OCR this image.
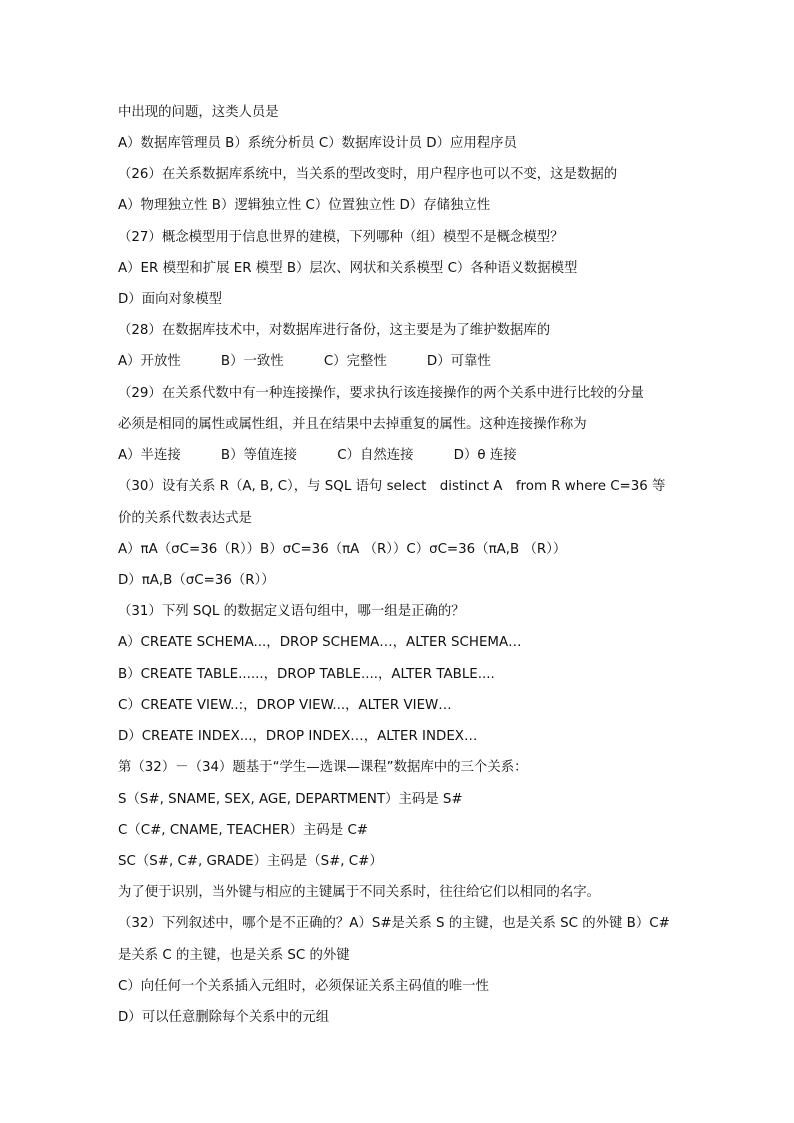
中出现的问题，这类人员是
A）数据库管理员 B）系统分析员 C）数据库设计员 D）应用程序员
（26）在关系数据库系统中，当关系的型改变时，用户程序也可以不变，这是数据的
A）物理独立性 B）逻辑独立性 C）位置独立性 D）存储独立性
（27）概念模型用于信息世界的建模，下列哪种（组）模型不是概念模型？
A）ER 模型和扩展 ER 模型 B）层次、网状和关系模型 C）各种语义数据模型
D）面向对象模型
（28）在数据库技术中，对数据库进行备份，这主要是为了维护数据库的
A）开放性　　　B）一致性　　　C）完整性　　　D）可靠性
（29）在关系代数中有一种连接操作，要求执行该连接操作的两个关系中进行比较的分量
必须是相同的属性或属性组，并且在结果中去掉重复的属性。这种连接操作称为
A）半连接　　　B）等值连接　　　C）自然连接　　　D）θ 连接
（30）设有关系 R（A, B, C），与 SQL 语句 select　distinct A　from R where C=36 等
价的关系代数表达式是
A）πA（σC=36（R））B）σC=36（πA （R））C）σC=36（πA,B （R））
D）πA,B（σC=36（R））
（31）下列 SQL 的数据定义语句组中，哪一组是正确的？
A）CREATE SCHEMA...，DROP SCHEMA…，ALTER SCHEMA…
B）CREATE TABLE......，DROP TABLE....，ALTER TABLE....
C）CREATE VIEW..:，DROP VIEW...，ALTER VIEW…
D）CREATE INDEX...，DROP INDEX…，ALTER INDEX…
第（32）－（34）题基于“学生—选课—课程”数据库中的三个关系：
S（S#, SNAME, SEX, AGE, DEPARTMENT）主码是 S#
C（C#, CNAME, TEACHER）主码是 C#
SC（S#, C#, GRADE）主码是（S#, C#）
为了便于识别，当外键与相应的主键属于不同关系时，往往给它们以相同的名字。
（32）下列叙述中，哪个是不正确的？A）S#是关系 S 的主键，也是关系 SC 的外键 B）C#
是关系 C 的主键，也是关系 SC 的外键
C）向任何一个关系插入元组时，必须保证关系主码值的唯一性
D）可以任意删除每个关系中的元组
